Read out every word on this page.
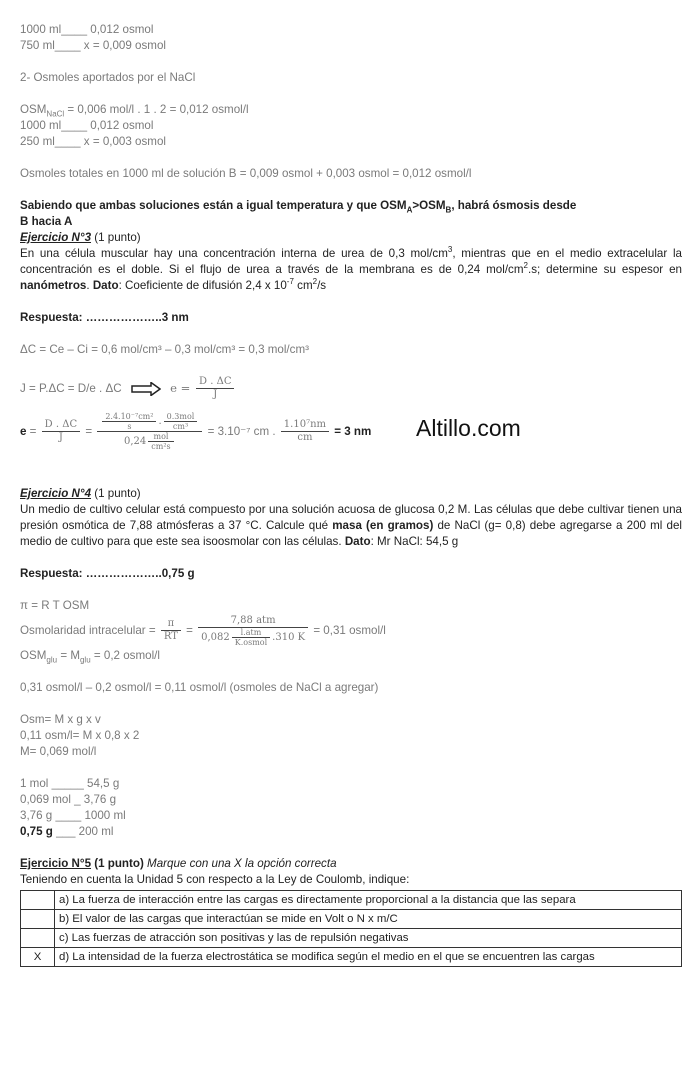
1000 ml____ 0,012 osmol
750 ml____ x = 0,009 osmol
2- Osmoles aportados por el NaCl
$OSM_{NaCl} = 0,006$ mol/l . 1 . 2 = 0,012 osmol/l
1000 ml____ 0,012 osmol
250 ml____ x = 0,003 osmol
Osmoles totales en 1000 ml de solución B = 0,009 osmol + 0,003 osmol = 0,012 osmol/l
Sabiendo que ambas soluciones están a igual temperatura y que $OSM_A>OSM_B$, habrá ósmosis desde
B hacia A
Ejercicio N°3 (1 punto)
En una célula muscular hay una concentración interna de urea de 0,3 mol/$cm^3$, mientras que en el medio extracelular la concentración es el doble. Si el flujo de urea a través de la membrana es de 0,24 mol/$cm^2.s$; determine su espesor en nanómetros. Dato: Coeficiente de difusión 2,4 x $10^{-7}$ $cm^2/s$
Respuesta: ………………..3 nm
ΔC = Ce – Ci = 0,6 mol/cm³ – 0,3 mol/cm³ = 0,3 mol/cm³
J = P.ΔC = D/e . ΔC	$e = \frac{D . \Delta C}{J}$
$e = \frac{D . \Delta C}{J} = \frac{\frac{\text{2.4.10⁻⁷cm²}}{s} . \frac{\text{0.3mol}}{\text{cm³}}}{0,24 \frac{\text{mol}}{\text{cm²s}}} = 3.10^{-7}$ cm . $\frac{\text{1.10⁷nm}}{cm} = 3$ nm
Ejercicio N°4 (1 punto)
Un medio de cultivo celular está compuesto por una solución acuosa de glucosa 0,2 M. Las células que debe cultivar tienen una presión osmótica de 7,88 atmósferas a 37 °C. Calcule qué masa (en gramos) de NaCl (g= 0,8) debe agregarse a 200 ml del medio de cultivo para que este sea isoosmolar con las células. Dato: Mr NaCl: 54,5 g
Respuesta: ………………..0,75 g
π = R T OSM
Osmolaridad intracelular = $\frac{\pi}{RT} = \frac{\text{7,88 atm}}{0,082 \frac{\text{l.atm}}{\text{K.osmol}} .310 K} = 0,31$ osmol/l
$OSM_{glu} = M_{glu} = 0,2$ osmol/l
0,31 osmol/l – 0,2 osmol/l = 0,11 osmol/l (osmoles de NaCl a agregar)
Osm= M x g x v
0,11 osm/l= M x 0,8 x 2
M= 0,069 mol/l
1 mol _____ 54,5 g
0,069 mol _ 3,76 g
3,76 g ____ 1000 ml
0,75 g ___ 200 ml
Ejercicio N°5 (1 punto) Marque con una X la opción correcta
Teniendo en cuenta la Unidad 5 con respecto a la Ley de Coulomb, indique:
	a) La fuerza de interacción entre las cargas es directamente proporcional a la distancia que las separa
	b) El valor de las cargas que interactúan se mide en Volt o N x m/C
	c) Las fuerzas de atracción son positivas y las de repulsión negativas
X	d) La intensidad de la fuerza electrostática se modifica según el medio en el que se encuentren las cargas
Altillo.com
